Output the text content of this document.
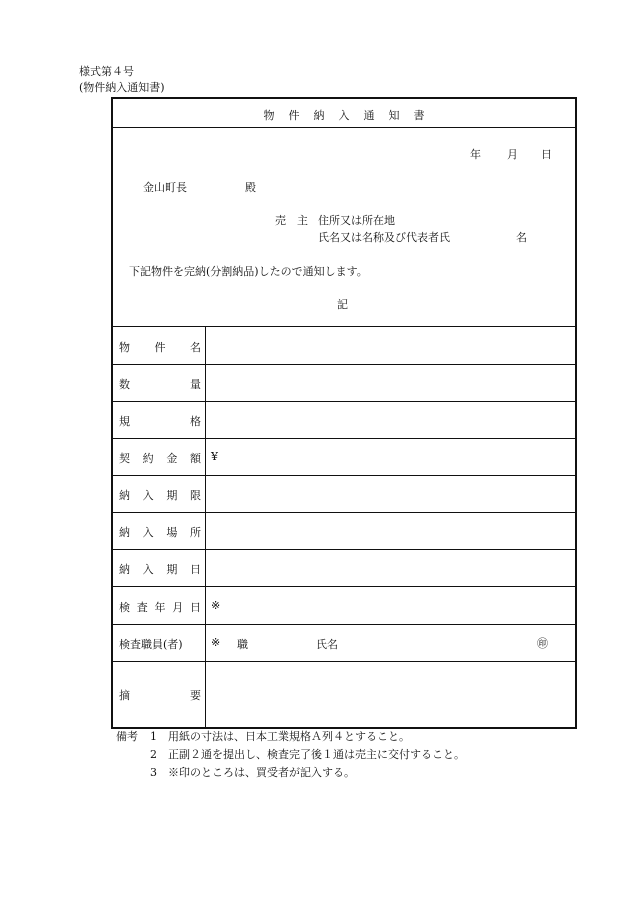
様式第４号
(物件納入通知書)
物 件 納 入 通 知 書
年 月 日
金山町長	殿
売　主 住所又は所在地
氏名又は名称及び代表者氏	名
下記物件を完納(分割納品)したので通知します。
記
物 件 名
数	量
規	格
契 約 金 額 ¥
納 入 期 限
納 入 場 所
納 入 期 日
検 査 年 月 日 ※
検査職員(者)	※ 職	氏名	㊞
摘	要
備考 1　用紙の寸法は、日本工業規格Ａ列４とすること。
2　正副２通を提出し、検査完了後１通は売主に交付すること。
3　※印のところは、買受者が記入する。
